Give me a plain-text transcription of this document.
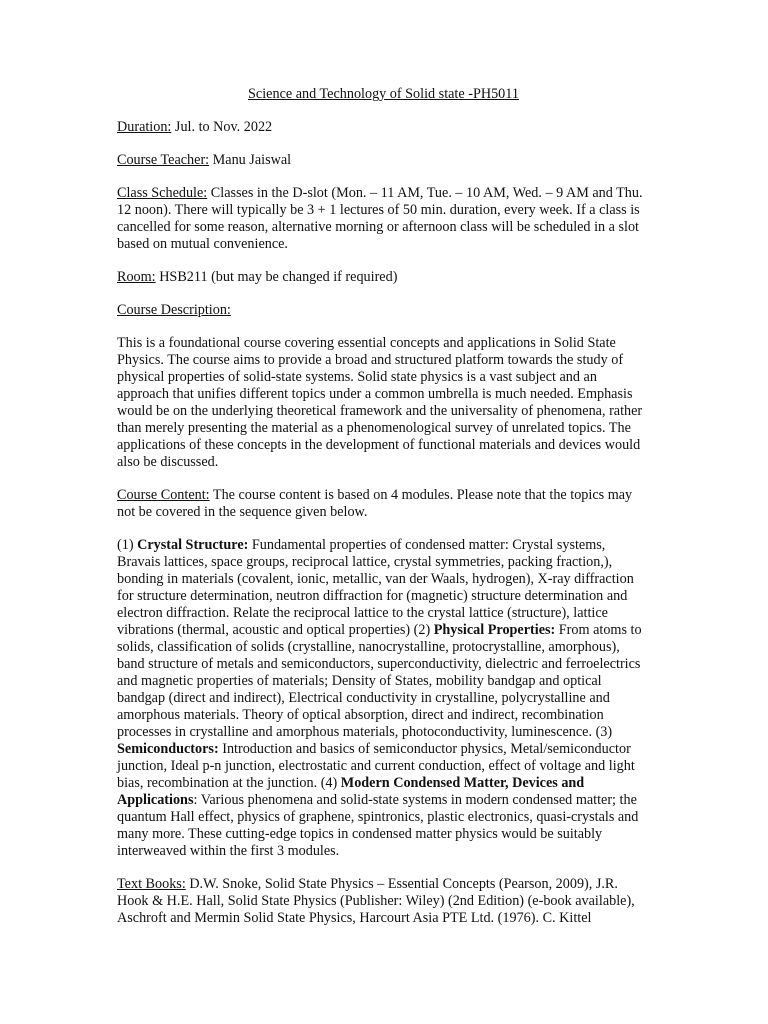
Science and Technology of Solid state -PH5011

Duration: Jul. to Nov. 2022

Course Teacher: Manu Jaiswal

Class Schedule: Classes in the D-slot (Mon. – 11 AM, Tue. – 10 AM, Wed. – 9 AM and Thu. 12 noon). There will typically be 3 + 1 lectures of 50 min. duration, every week. If a class is cancelled for some reason, alternative morning or afternoon class will be scheduled in a slot based on mutual convenience.

Room: HSB211 (but may be changed if required)

Course Description:

This is a foundational course covering essential concepts and applications in Solid State Physics. The course aims to provide a broad and structured platform towards the study of physical properties of solid-state systems. Solid state physics is a vast subject and an approach that unifies different topics under a common umbrella is much needed. Emphasis would be on the underlying theoretical framework and the universality of phenomena, rather than merely presenting the material as a phenomenological survey of unrelated topics. The applications of these concepts in the development of functional materials and devices would also be discussed.

Course Content: The course content is based on 4 modules. Please note that the topics may not be covered in the sequence given below.

(1) Crystal Structure: Fundamental properties of condensed matter: Crystal systems, Bravais lattices, space groups, reciprocal lattice, crystal symmetries, packing fraction,), bonding in materials (covalent, ionic, metallic, van der Waals, hydrogen), X-ray diffraction for structure determination, neutron diffraction for (magnetic) structure determination and electron diffraction. Relate the reciprocal lattice to the crystal lattice (structure), lattice vibrations (thermal, acoustic and optical properties) (2) Physical Properties: From atoms to solids, classification of solids (crystalline, nanocrystalline, protocrystalline, amorphous), band structure of metals and semiconductors, superconductivity, dielectric and ferroelectrics and magnetic properties of materials; Density of States, mobility bandgap and optical bandgap (direct and indirect), Electrical conductivity in crystalline, polycrystalline and amorphous materials. Theory of optical absorption, direct and indirect, recombination processes in crystalline and amorphous materials, photoconductivity, luminescence. (3) Semiconductors: Introduction and basics of semiconductor physics, Metal/semiconductor junction, Ideal p-n junction, electrostatic and current conduction, effect of voltage and light bias, recombination at the junction. (4) Modern Condensed Matter, Devices and Applications: Various phenomena and solid-state systems in modern condensed matter; the quantum Hall effect, physics of graphene, spintronics, plastic electronics, quasi-crystals and many more. These cutting-edge topics in condensed matter physics would be suitably interweaved within the first 3 modules.

Text Books: D.W. Snoke, Solid State Physics – Essential Concepts (Pearson, 2009), J.R. Hook & H.E. Hall, Solid State Physics (Publisher: Wiley) (2nd Edition) (e-book available), Aschroft and Mermin Solid State Physics, Harcourt Asia PTE Ltd. (1976). C. Kittel
